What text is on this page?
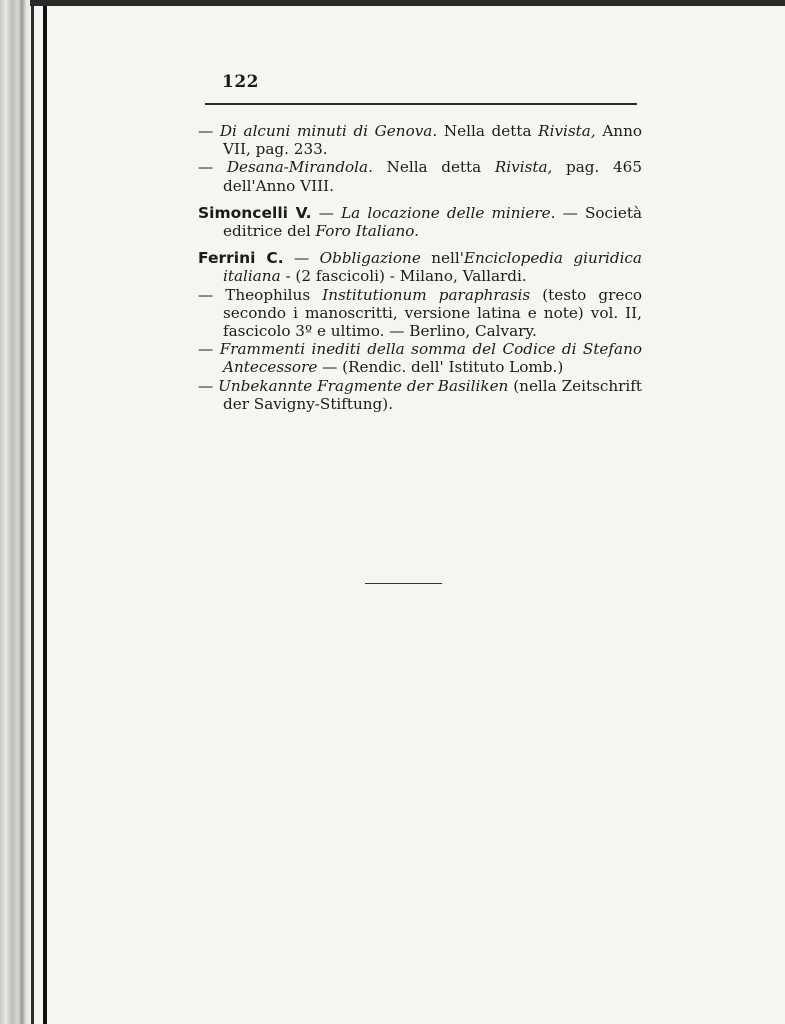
122

— Di alcuni minuti di Genova. Nella detta Rivista, Anno VII, pag. 233.

— Desana-Mirandola. Nella detta Rivista, pag. 465 dell'Anno VIII.

Simoncelli V. — La locazione delle miniere. — Società editrice del Foro Italiano.

Ferrini C. — Obbligazione nell'Enciclopedia giuridica italiana - (2 fascicoli) - Milano, Vallardi.

— Theophilus Institutionum paraphrasis (testo greco secondo i manoscritti, versione latina e note) vol. II, fascicolo 3º e ultimo. — Berlino, Calvary.

— Frammenti inediti della somma del Codice di Stefano Antecessore — (Rendic. dell' Istituto Lomb.)

— Unbekannte Fragmente der Basiliken (nella Zeitschrift der Savigny-Stiftung).
